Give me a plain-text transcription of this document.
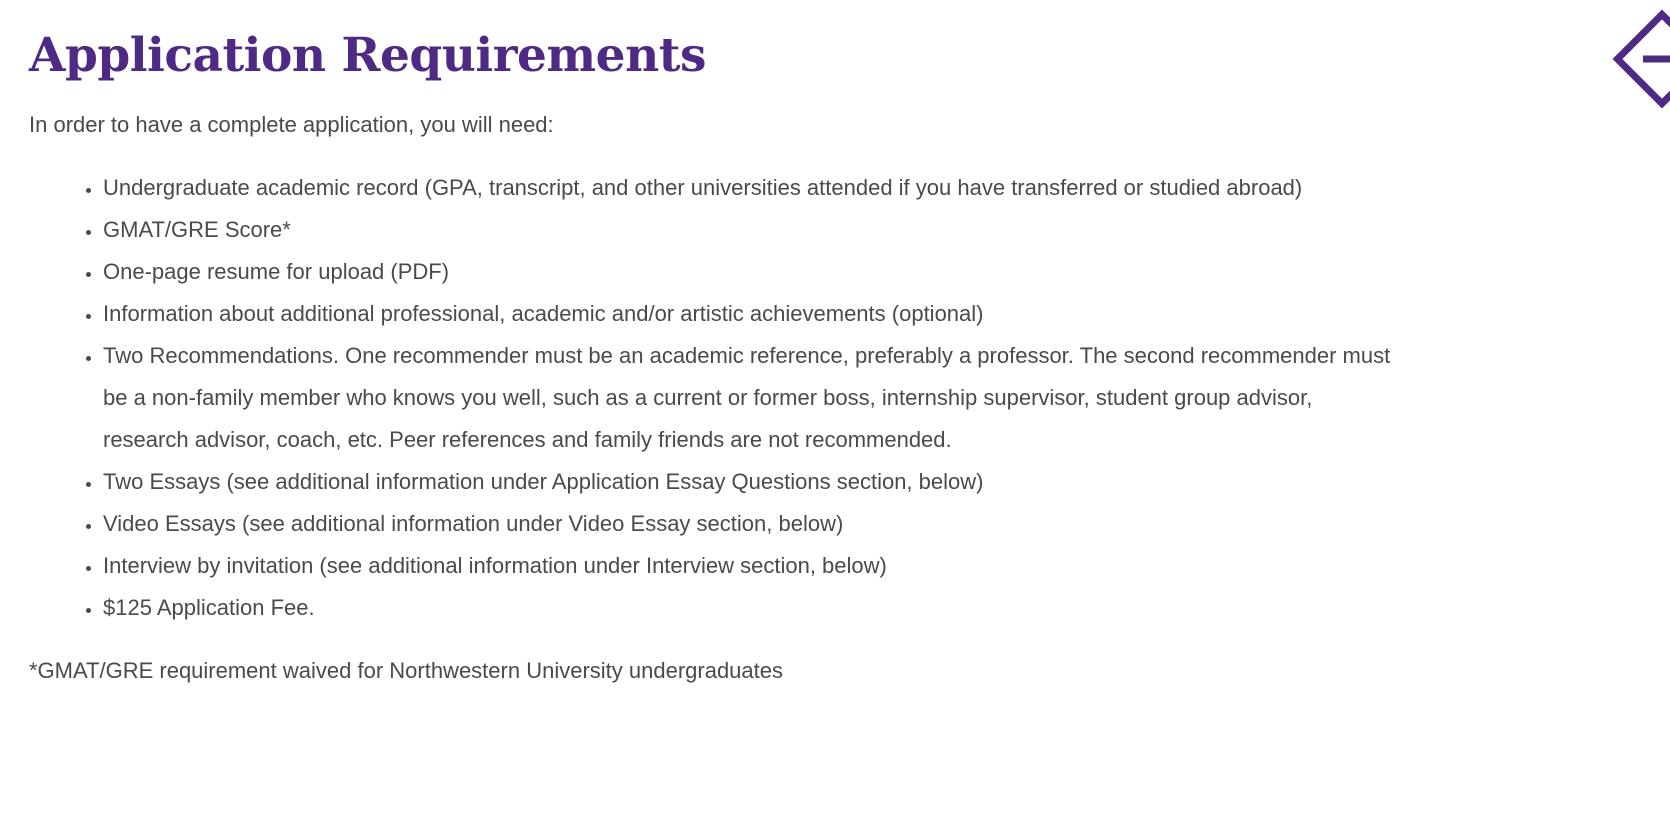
Application Requirements

In order to have a complete application, you will need:

• Undergraduate academic record (GPA, transcript, and other universities attended if you have transferred or studied abroad)
• GMAT/GRE Score*
• One-page resume for upload (PDF)
• Information about additional professional, academic and/or artistic achievements (optional)
• Two Recommendations. One recommender must be an academic reference, preferably a professor. The second recommender must be a non-family member who knows you well, such as a current or former boss, internship supervisor, student group advisor, research advisor, coach, etc. Peer references and family friends are not recommended.
• Two Essays (see additional information under Application Essay Questions section, below)
• Video Essays (see additional information under Video Essay section, below)
• Interview by invitation (see additional information under Interview section, below)
• $125 Application Fee.

*GMAT/GRE requirement waived for Northwestern University undergraduates
